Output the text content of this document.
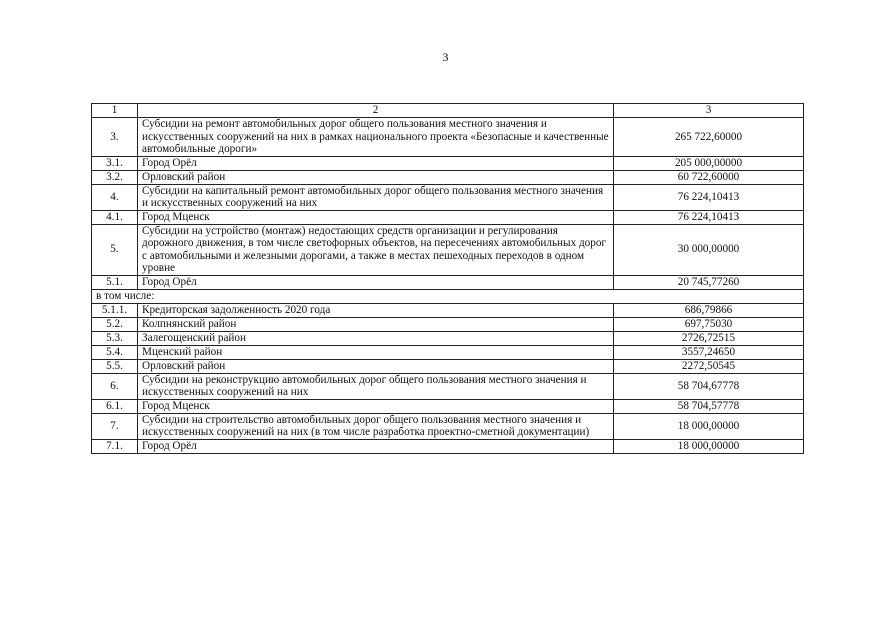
3
1	2	3
3.	Субсидии на ремонт автомобильных дорог общего пользования местного значения и искусственных сооружений на них в рамках национального проекта «Безопасные и качественные автомобильные дороги»	265 722,60000
3.1.	Город Орёл	205 000,00000
3.2.	Орловский район	60 722,60000
4.	Субсидии на капитальный ремонт автомобильных дорог общего пользования местного значения и искусственных сооружений на них	76 224,10413
4.1.	Город Мценск	76 224,10413
5.	Субсидии на устройство (монтаж) недостающих средств организации и регулирования дорожного движения, в том числе светофорных объектов, на пересечениях автомобильных дорог с автомобильными и железными дорогами, а также в местах пешеходных переходов в одном уровне	30 000,00000
5.1.	Город Орёл	20 745,77260
в том числе:		
5.1.1.	Кредиторская задолженность 2020 года	686,79866
5.2.	Колпнянский район	697,75030
5.3.	Залегощенский район	2726,72515
5.4.	Мценский район	3557,24650
5.5.	Орловский район	2272,50545
6.	Субсидии на реконструкцию автомобильных дорог общего пользования местного значения и искусственных сооружений на них	58 704,67778
6.1.	Город Мценск	58 704,57778
7.	Субсидии на строительство автомобильных дорог общего пользования местного значения и искусственных сооружений на них (в том числе разработка проектно-сметной документации)	18 000,00000
7.1.	Город Орёл	18 000,00000
